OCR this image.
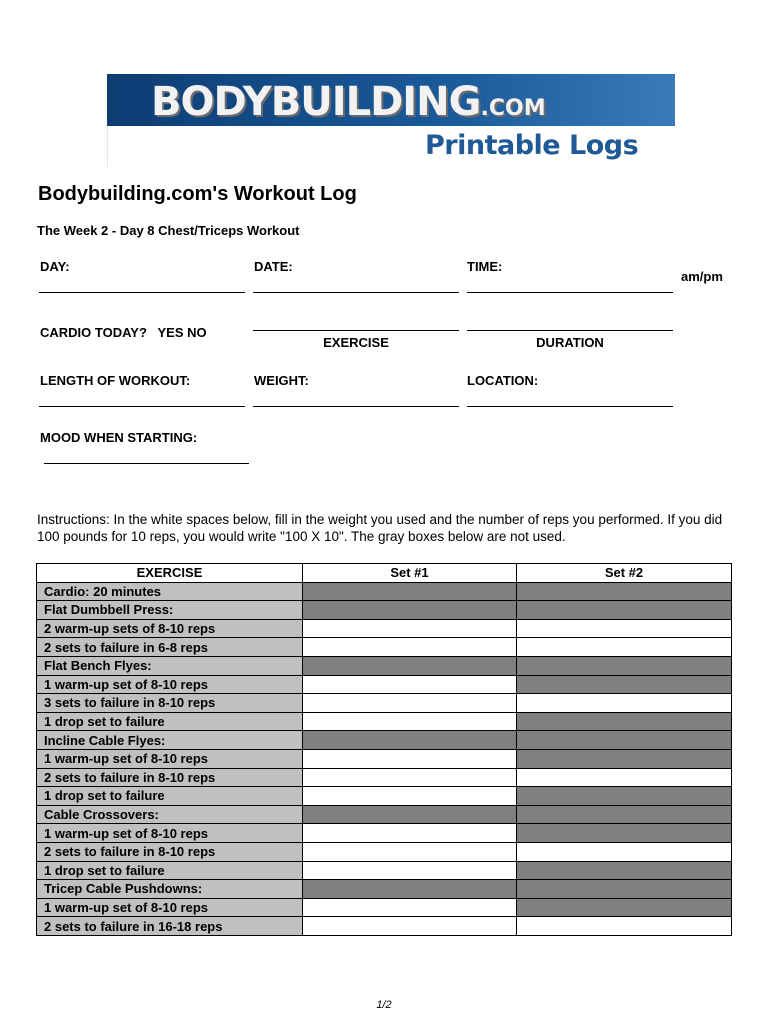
BODYBUILDING.COM
Printable Logs
Bodybuilding.com's Workout Log
The Week 2 - Day 8 Chest/Triceps Workout
DAY:	DATE:	TIME:
am/pm
CARDIO TODAY?   YES NO
EXERCISE	DURATION
LENGTH OF WORKOUT:	WEIGHT:	LOCATION:
MOOD WHEN STARTING:
Instructions: In the white spaces below, fill in the weight you used and the number of reps you performed. If you did 100 pounds for 10 reps, you would write "100 X 10". The gray boxes below are not used.
EXERCISE	Set #1	Set #2
Cardio: 20 minutes		
Flat Dumbbell Press:		
2 warm-up sets of 8-10 reps		
2 sets to failure in 6-8 reps		
Flat Bench Flyes:		
1 warm-up set of 8-10 reps		
3 sets to failure in 8-10 reps		
1 drop set to failure		
Incline Cable Flyes:		
1 warm-up set of 8-10 reps		
2 sets to failure in 8-10 reps		
1 drop set to failure		
Cable Crossovers:		
1 warm-up set of 8-10 reps		
2 sets to failure in 8-10 reps		
1 drop set to failure		
Tricep Cable Pushdowns:		
1 warm-up set of 8-10 reps		
2 sets to failure in 16-18 reps		
1/2
